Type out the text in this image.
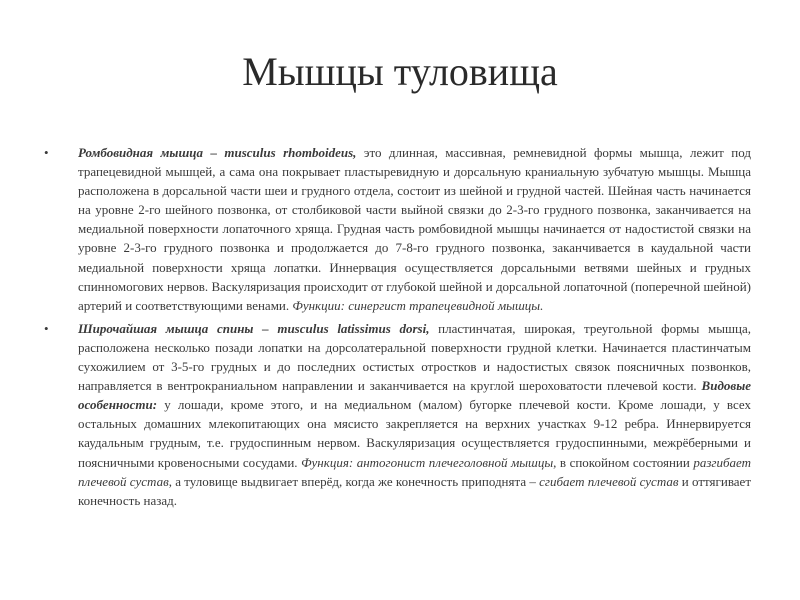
Мышцы туловища
• Ромбовидная мышца – musculus rhomboideus, это длинная, массивная, ремневидной формы мышца, лежит под трапецевидной мышцей, а сама она покрывает пластыревидную и дорсальную краниальную зубчатую мышцы. Мышца расположена в дорсальной части шеи и грудного отдела, состоит из шейной и грудной частей. Шейная часть начинается на уровне 2-го шейного позвонка, от столбиковой части выйной связки до 2-3-го грудного позвонка, заканчивается на медиальной поверхности лопаточного хряща. Грудная часть ромбовидной мышцы начинается от надостистой связки на уровне 2-3-го грудного позвонка и продолжается до 7-8-го грудного позвонка, заканчивается в каудальной части медиальной поверхности хряща лопатки. Иннервация осуществляется дорсальными ветвями шейных и грудных спинномогових нервов. Васкуляризация происходит от глубокой шейной и дорсальной лопаточной (поперечной шейной) артерий и соответствующими венами. Функции: синергист трапецевидной мышцы.
• Широчайшая мышца спины – musculus latissimus dorsi, пластинчатая, широкая, треугольной формы мышца, расположена несколько позади лопатки на дорсолатеральной поверхности грудной клетки. Начинается пластинчатым сухожилием от 3-5-го грудных и до последних остистых отростков и надостистых связок поясничных позвонков, направляется в вентрокраниальном направлении и заканчивается на круглой шероховатости плечевой кости. Видовые особенности: у лошади, кроме этого, и на медиальном (малом) бугорке плечевой кости. Кроме лошади, у всех остальных домашних млекопитающих она мясисто закрепляется на верхних участках 9-12 ребра. Иннервируется каудальным грудным, т.е. грудоспинным нервом. Васкуляризация осуществляется грудоспинными, межрёберными и поясничными кровеносными сосудами. Функция: антогонист плечеголовной мышцы, в спокойном состоянии разгибает плечевой сустав, а туловище выдвигает вперёд, когда же конечность приподнята – сгибает плечевой сустав и оттягивает конечность назад.
